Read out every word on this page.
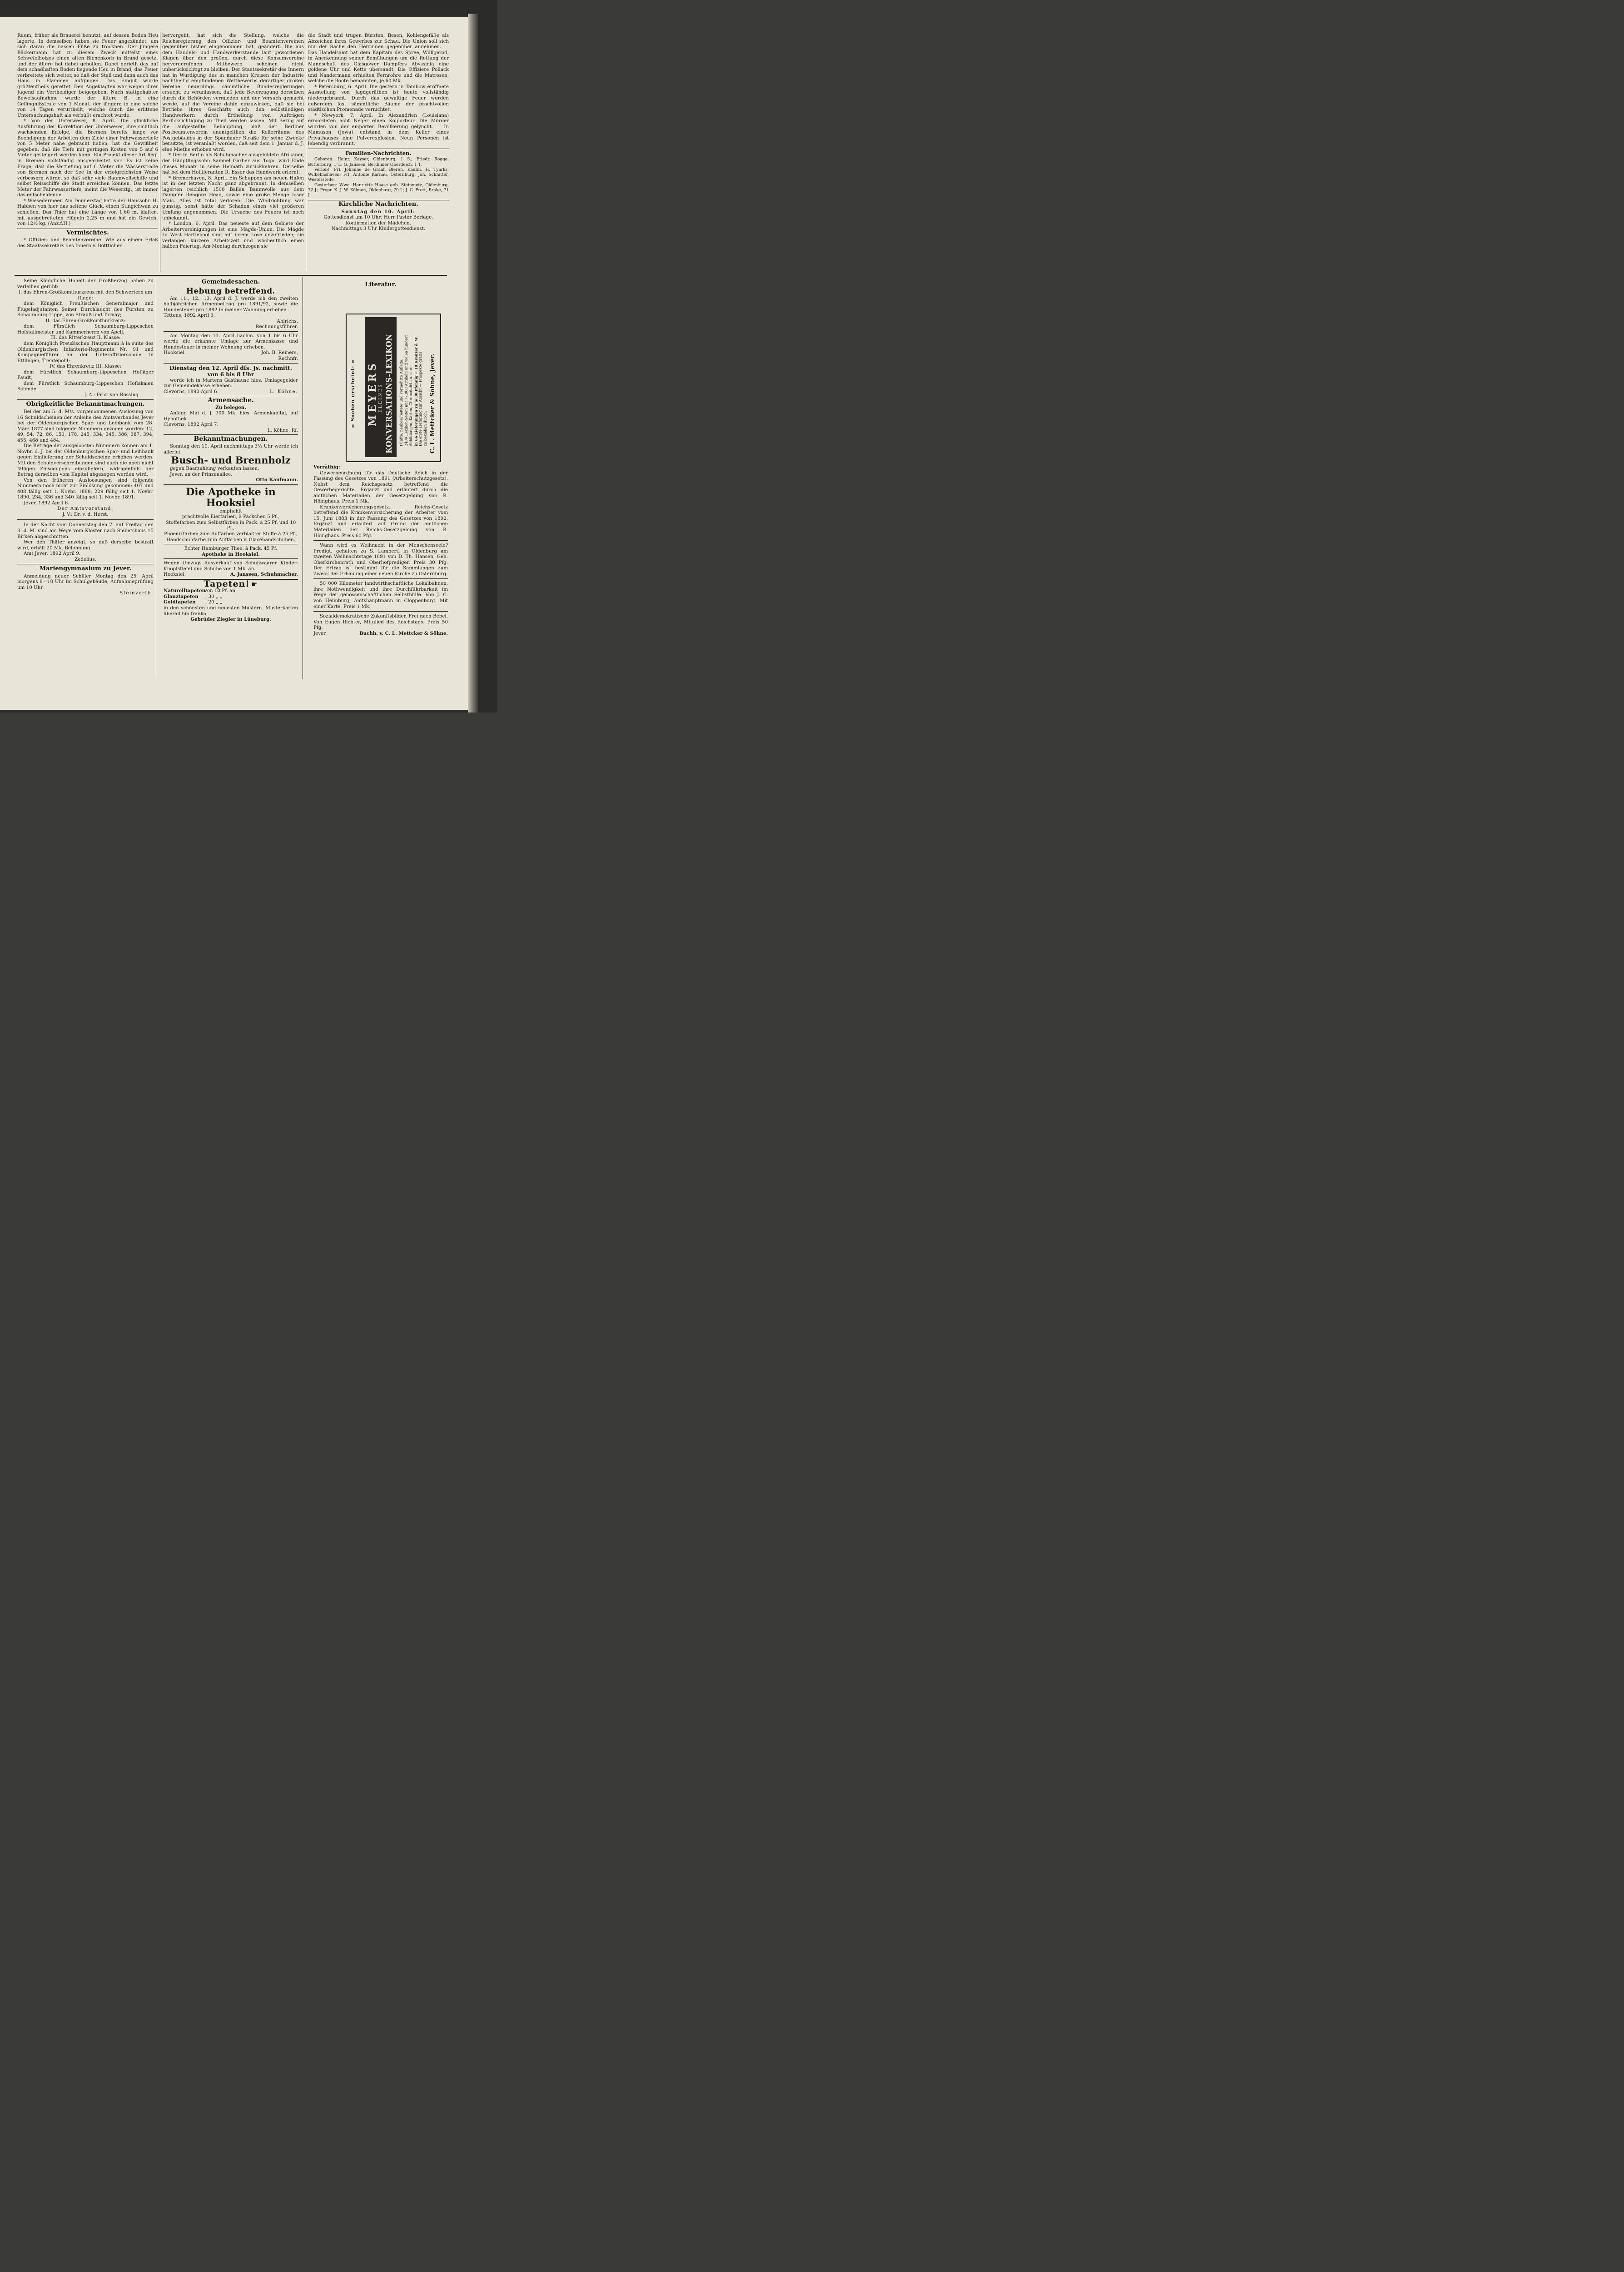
Raum, früher als Brauerei benutzt, auf dessen Boden Heu lagerte. In demselben haben sie Feuer angezündet, um sich daran die nassen Füße zu trocknen. Der jüngere Bäckermann hat zu diesem Zweck mittelst eines Schwefelholzes einen alten Bienenkorb in Brand gesetzt und der ältere hat dabei geholfen. Dabei gerieth das auf dem schadhaften Boden liegende Heu in Brand, das Feuer verbreitete sich weiter, so daß der Stall und dann auch das Haus in Flammen aufgingen. Das Eingut wurde größtentheils gerettet. Den Angeklagten war wegen ihrer Jugend ein Vertheidiger beigegeben. Nach stattgehabter Beweisaufnahme wurde der ältere B. in eine Gefängnißstrafe von 1 Monat, der jüngere in eine solche von 14 Tagen verurtheilt, welche durch die erlittene Untersuchungshaft als verbüßt erachtet wurde.

* Von der Unterweser, 8. April. Die glückliche Ausführung der Korrektion der Unterweser, ihre sichtlich wachsenden Erfolge, die Bremen bereits lange vor Beendigung der Arbeiten dem Ziele einer Fahrwassertiefe von 5 Meter nahe gebracht haben, hat die Gewißheit gegeben, daß die Tiefe mit geringen Kosten von 5 auf 6 Meter gesteigert werden kann. Ein Projekt dieser Art liegt in Bremen vollständig ausgearbeitet vor. Es ist keine Frage, daß die Vertiefung auf 6 Meter die Wasserstraße von Bremen nach der See in der erfolgreichsten Weise verbessern würde, so daß sehr viele Baumwollschiffe und selbst Reisschiffe die Stadt erreichen können. Das letzte Meter der Fahrwassertiefe, meint die Weserztg., ist immer das entscheidende.

* Wiesedermeer. Am Donnerstag hatte der Haussohn H. Habben von hier das seltene Glück, einen Stingichwan zu schießen. Das Thier hat eine Länge von 1,60 m, klaftert mit ausgebreiteten Flügeln 2,25 m und hat ein Gewicht von 12½ kg. (Anz.f.H.)

Vermischtes.

* Offizier- und Beamtenvereine. Wie aus einem Erlaß des Staatssekretärs des Innern v. Böttticher

hervorgeht, hat sich die Stellung, welche die Reichsregierung den Offizier- und Beamtenvereinen gegenüber bisher eingenommen hat, geändert. Die aus dem Handels- und Handwerkerstande laut gewordenen Klagen über den großen, durch diese Konsumvereine hervorgerufenen Mitbewerb scheinen nicht unberücksichtigt zu bleiben. Der Staatssekretär des Innern hat in Würdigung des in manchen Kreisen der Industrie nachtheilig empfundenen Wettbewerbs derartiger großen Vereine neuerdings sämmtliche Bundesregierungen ersucht, zu veranlassen, daß jede Bevorzugung derselben durch die Behörden vermieden und der Versuch gemacht werde, auf die Vereine dahin einzuwirken, daß sie bei Betriebe ihres Geschäfts auch den selbständigen Handwerkern durch Ertheilung von Aufträgen Berücksichtigung zu Theil werden lassen. Mit Bezug auf die aufgestellte Behauptung, daß der Berliner Postbeamtenverein unentgeltlich die Kellerräume des Postgebäudes in der Spandauer Straße für seine Zwecke benutzte, ist veranlaßt worden, daß seit dem 1. Januar d. J. eine Miethe erhoben wird.

* Der in Berlin als Schuhmacher ausgebildete Afrikaner, der Häuptlingssohn Samuel Garber aus Togo, wird Ende dieses Monats in seine Heimath zurückkehren. Derselbe hat bei dem Hofliferanten R. Esser das Handwerk erlernt.

* Bremerhaven, 8. April. Ein Schuppen am neuen Hafen ist in der letzten Nacht ganz abgebrannt. In demselben lagerten reichlich 1500 Ballen Baumwolle aus dem Dampfer Bengore Head, sowie eine große Menge loser Mais. Alles ist total verloren. Die Windrichtung war günstig, sonst hätte der Schaden einen viel größeren Umfang angenommen. Die Ursache des Feuers ist noch unbekannt.

* London, 6. April. Das neueste auf dem Gebiete der Arbeitervereinigungen ist eine Mägde-Union. Die Mägde zu West Hartlepool sind mit ihrem Lose unzufrieden; sie verlangen kürzere Arbeitszeit und wöchentlich einen halben Feiertag. Am Montag durchzogen sie

die Stadt und trugen Bürsten, Besen, Kohlengefäße als Abzeichen ihres Gewerbes zur Schau. Die Union soll sich nur der Sache den Herrinnen gegenüber annehmen. — Das Handelsamt hat dem Kapitain des Spree, Willigerod, in Anerkennung seiner Bemühungen um die Rettung der Mannschaft des Glasgower Dampfers Abyssinia eine goldene Uhr und Kette übersandt. Die Offiziere Pollack und Nandermann erhielten Fernrohre und die Matrosen, welche die Boote bemannten, je 60 Mk.

* Petersburg, 6. April. Die gestern in Tambow eröffnete Ausstellung von Jagdgeräthen ist heute vollständig niedergebrannt. Durch das gewaltige Feuer wurden außerdem fast sämmtliche Bäume der prachtvollen städtischen Promenade vernichtet.

* Newyork, 7. April. In Alexandrien (Louisiana) ermordeten acht Neger einen Kolporteur. Die Mörder wurden von der empörten Bevölkerung gelyncht. — In Mamuson (Jowa) entstand in dem Keller eines Privathauses eine Pulverexplosion. Neun Personen ist lebendig verbrannt.

Familien-Nachrichten.

Geboren: Heinr. Kayser, Oldenburg, 1 S.; Friedr. Rogge, Butterburg, 1 T.; G. Janssen, Berdumer Oberdeich, 1 T.

Verlobt: Frl. Johanne de Graaf, Bleren, Kaufm. H. Tyarks, Wilhelmshaven; Frl. Antonie Karnau, Osternburg, Joh. Schnitter, Westerstede.

Gestorben: Wwe. Henriette Haase geb. Steinmetz, Oldenburg, 72 J.; Propr. K. J. W. Köhnen, Oldenburg, 70 J.; J. C. Prott, Brake, 71 J.

Kirchliche Nachrichten.

Sonntag den 10. April:

Gottesdienst um 10 Uhr: Herr Pastor Berlage.

Konfirmation der Mädchen.

Nachmittags 3 Uhr Kindergottesdienst.

Seine Königliche Hoheit der Großherzog haben zu verleihen geruht:

I. das Ehren-Großkomthurkreuz mit den Schwertern am Ringe:

dem Königlich Preußischen Generalmajor und Flügeladjutanten Seiner Durchlaucht des Fürsten zu Schaumburg-Lippe, von Strauß und Tornay;

II. das Ehren-Großkomthurkreuz:

dem Fürstlich Schaumburg-Lippeschen Hofstallmeister und Kammerherrn von Apell;

III. das Ritterkreuz II. Klasse:

dem Königlich Preußischen Hauptmann à la suite des Oldenburgischen Infanterie-Regiments Nr. 91 und Kompagnieführer an der Unteroffizierschule in Ettlingen, Trentepohl;

IV. das Ehrenkreuz III. Klasse:

dem Fürstlich Schaumburg-Lippeschen Hofjäger Faudt,

dem Fürstlich Schaumburg-Lippeschen Hoflakaien Schmde.

J. A.: Frhr. von Rössing.

Obrigkeitliche Bekanntmachungen.

Bei der am 5. d. Mts. vorgenommenen Auslosung von 16 Schuldscheinen der Anleihe des Amtsverbandes Jever bei der Oldenburgischen Spar- und Leihbank vom 28. März 1877 sind folgende Nummern gezogen worden: 12, 49, 54, 72, 86, 150, 178, 245, 334, 345, 386, 387, 394, 455, 468 und 484.

Die Beträge der ausgeloosten Nummern können am 1. Novbr. d. J. bei der Oldenburgischen Spar- und Leihbank gegen Einlieferung der Schuldscheine erhoben werden. Mit den Schuldverschreibungen sind auch die noch nicht fälligen Zinscoupons einzuliefern, widrigenfalls der Betrag derselben vom Kapital abgezogen werden wird.

Von den früheren Ausloosungen sind folgende Nummern noch nicht zur Einlösung gekommen: 407 und 408 fällig seit 1. Novbr. 1888, 229 fällig seit 1. Novbr. 1890, 234, 336 und 340 fällig seit 1. Novbr. 1891.

Jever, 1892 April 6.

Der Amtsvorstand.

J. V.: Dr. v. d. Horst.

In der Nacht vom Donnerstag den 7. auf Freitag den 8. d. M. sind am Wege vom Kloster nach Siebetshaus 15 Birken abgeschnitten.

Wer den Thäter anzeigt, so daß derselbe bestraft wird, erhält 20 Mk. Belohnung.

Amt Jever, 1892 April 9.

Zedelius.

Mariengymnasium zu Jever.

Anmeldung neuer Schüler Montag den 25. April morgens 8—10 Uhr im Schulgebäude; Aufnahmeprüfung um 10 Uhr.

Steinvorth.

Gemeindesachen.
Hebung betreffend.

Am 11., 12., 13. April d. J. werde ich den zweiten halbjährlichen Armenbeitrag pro 1891/92, sowie die Hundesteuer pro 1892 in meiner Wohnung erheben.

Tettens, 1892 April 3.

Ahlrichs,

Rechnungsführer.

Am Montag den 11. April nachm. von 1 bis 6 Uhr werde die erkannte Umlage zur Armenkasse und Hundesteuer in meiner Wohnung erheben.

Hooksiel.	Joh. B. Reiners,

Rechnfr.

Dienstag den 12. April dſs. Js. nachmitt. von 6 bis 8 Uhr

werde ich in Martens Gasthause hies. Umlagegelder zur Gemeindekasse erheben.

Clevorns, 1892 April 6.	L. Köhne.
Armensache.
Zu belegen.

Anfang Mai d. J. 300 Mk. hies. Armenkapital, auf Hypothek.

Clevorns, 1892 April 7.

L. Köhne, Rf.

Bekanntmachungen.

Sonntag den 10. April nachmittags 3½ Uhr werde ich allerlei

Busch- und Brennholz

gegen Baarzahlung verkaufen lassen.

Jever, an der Prinzenallee.

Otto Kaufmann.

Die Apotheke in Hooksiel

empfiehlt

prachtvolle Eierfarben, à Päckchen 5 Pf.,

Stoffefarben zum Selbstfärben in Pack. à 25 Pf. und 10 Pf.,

Phoenixfarben zum Auffärben verblaßter Stoffe à 25 Pf.,

Handschuhfarbe zum Auffärben v. Glacéhandschuhen.

Echter Hamburger Thee, à Pack. 45 Pf.

Apotheke in Hooksiel.

Wegen Umzugs Ausverkauf von Schuhwaaren Kinder-Knopfstiefel und Schuhe von 1 Mk. an.

Hooksiel.	A. Janssen, Schuhmacher.
Tapeten! ☛
Naturelltapetenvon 10 Pf. an,
Glanztapeten „ 30 „ „
Goldtapeten „ 20 „ „

in den schönsten und neuesten Mustern. Musterkarten überall hin franko.

Gebrüder Ziegler in Lüneburg.

Literatur.
= Soeben erscheint: = MEYERS KLEINES KONVERSATIONS-LEXIKON Fünfte, neubearbeitete und vermehrte Auflage. 2400 Lexikon-Seiten mit 77,000 Artikeln und vielen hundert Abbildungen, Karten, Chromotafeln u. s. w. in 66 Lieferungen zu je 30 Pfennig = 18 Kreuzer ö. W. Die erste Lieferung zur Ansicht — Prospekte gratis zu beziehen durch: C. L. Mettcker & Söhne, Jever.

Vorräthig:

Gewerbeordnung für das Deutsche Reich in der Fassung des Gesetzes von 1891 (Arbeiterschutzgesetz). Nebst dem Reichsgesetz betreffend die Gewerbegerichte. Ergänzt und erläutert durch die amtlichen Materialien der Gesetzgebung von R. Höinghaus. Preis 1 Mk.

Krankenversicherungsgesetz. Reichs-Gesetz betreffend die Krankenversicherung der Arbeiter vom 15. Juni 1883 in der Fassung des Gesetzes von 1892. Ergänzt und erläutert auf Grund der amtlichen Materialien der Reichs-Gesetzgebung von R. Höinghaus. Preis 60 Pfg.

Wann wird es Weihnacht in der Menschenseele? Predigt, gehalten zu S. Lamberti in Oldenburg am zweiten Weihnachtstage 1891 von D. Th. Hansen, Geh. Oberkirchenrath und Oberhofprediger. Preis 30 Pfg. Der Ertrag ist bestimmt für die Sammlungen zum Zweck der Erbauung einer neuen Kirche zu Osternburg.

50 000 Kilometer landwirthschaftliche Lokalbahnen, ihre Nothwendigkeit und ihre Durchführbarkeit im Wege der genossenschaftlichen Selbsthülfe. Von J. C. von Heimburg, Amtshauptmann in Cloppenburg. Mit einer Karte. Preis 1 Mk.

Sozialdemokratische Zukunftsbilder. Frei nach Bebel. Von Eugen Richter, Mitglied des Reichstags. Preis 50 Pfg.

Jever.	Buchh. v. C. L. Mettcker & Söhne.
